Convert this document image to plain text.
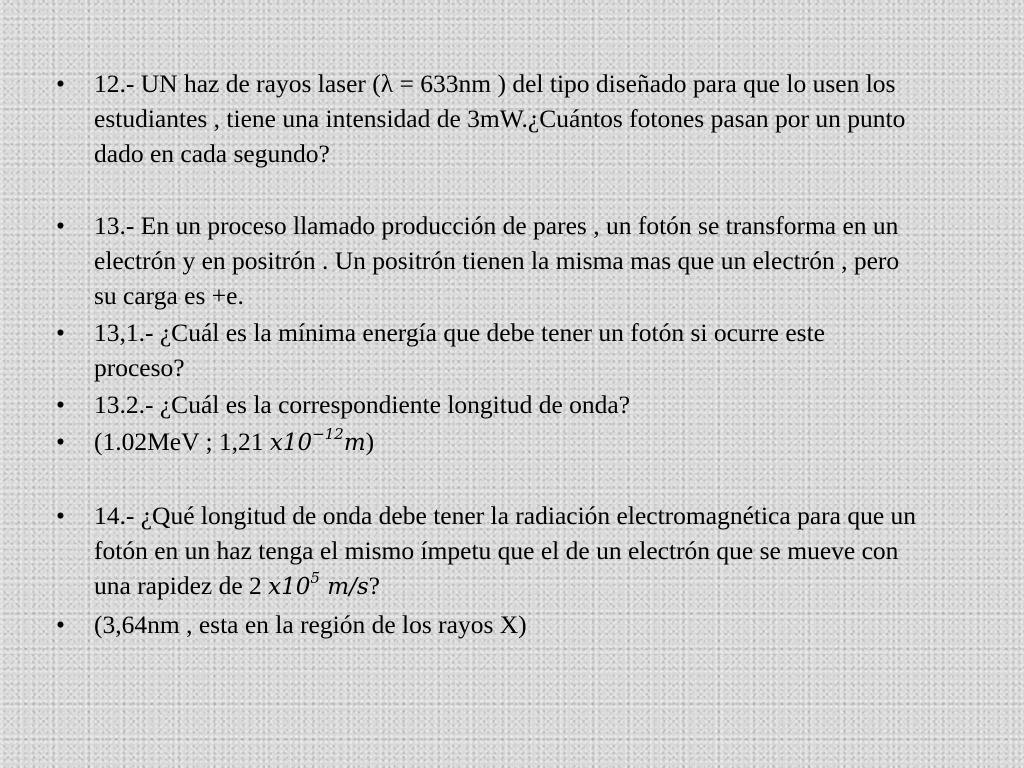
•	12.- UN haz de rayos laser (λ = 633nm ) del tipo diseñado para que lo usen los estudiantes , tiene una intensidad de 3mW.¿Cuántos fotones pasan por un punto dado en cada segundo?
•	13.- En un proceso llamado producción de pares , un fotón se transforma en un electrón y en positrón . Un positrón tienen la misma mas que un electrón , pero su carga es +e.
•	13,1.- ¿Cuál es la mínima energía que debe tener un fotón si ocurre este proceso?
•	13.2.- ¿Cuál es la correspondiente longitud de onda?
•	(1.02MeV ; 1,21 $x10^{-12}m$)
•	14.- ¿Qué longitud de onda debe tener la radiación electromagnética para que un fotón en un haz tenga el mismo ímpetu que el de un electrón que se mueve con una rapidez de 2 $x10^5$ m/s?
•	(3,64nm , esta en la región de los rayos X)
